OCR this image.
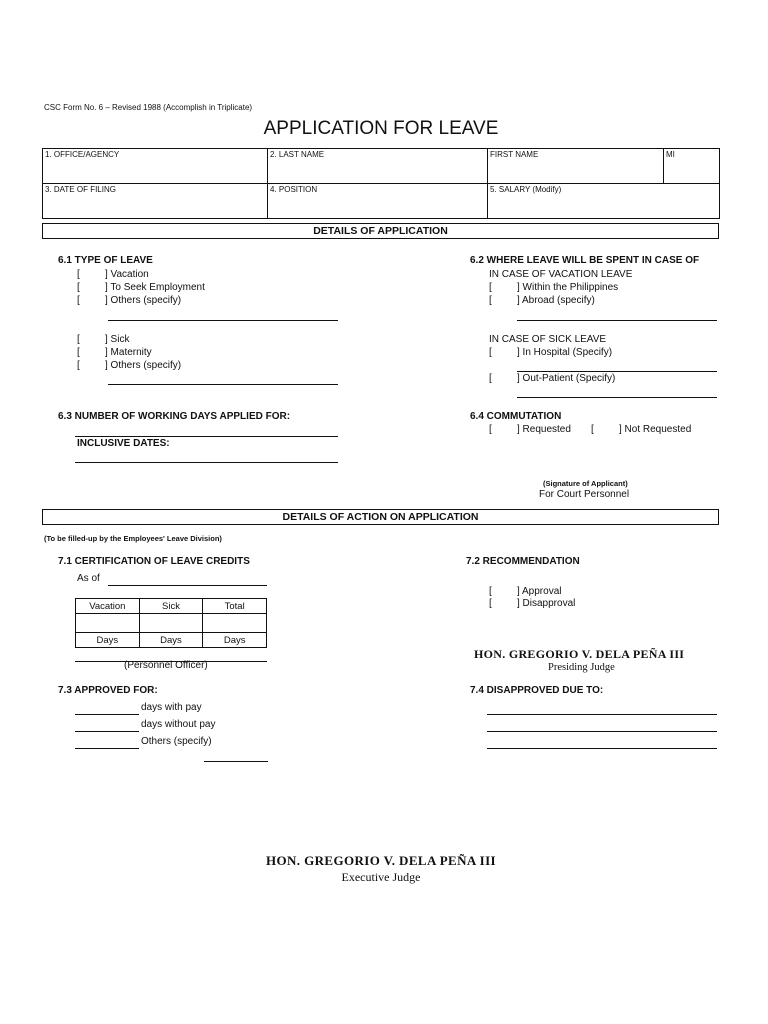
CSC Form No. 6 – Revised 1988 (Accomplish in Triplicate)
APPLICATION FOR LEAVE
1. OFFICE/AGENCY	2. LAST NAME	FIRST NAME	MI
3. DATE OF FILING	4. POSITION	5. SALARY (Modify)	
DETAILS OF APPLICATION
6.1 TYPE OF LEAVE
[	] Vacation
[	] To Seek Employment
[	] Others (specify)
[	] Sick
[	] Maternity
[	] Others (specify)
6.2 WHERE LEAVE WILL BE SPENT IN CASE OF
IN CASE OF VACATION LEAVE
[	] Within the Philippines
[	] Abroad (specify)
IN CASE OF SICK LEAVE
[	] In Hospital (Specify)
[	] Out-Patient (Specify)
6.3 NUMBER OF WORKING DAYS APPLIED FOR:
INCLUSIVE DATES:
6.4 COMMUTATION
[	] Requested [	] Not Requested
(Signature of Applicant)
For Court Personnel
DETAILS OF ACTION ON APPLICATION
(To be filled-up by the Employees' Leave Division)
7.1 CERTIFICATION OF LEAVE CREDITS
As of
Vacation	Sick	Total

Days	Days	Days
(Personnel Officer)
7.2 RECOMMENDATION
[	] Approval
[	] Disapproval
HON. GREGORIO V. DELA PEÑA III
Presiding Judge
7.3 APPROVED FOR:
days with pay
days without pay
Others (specify)
7.4 DISAPPROVED DUE TO:
HON. GREGORIO V. DELA PEÑA III
Executive Judge
